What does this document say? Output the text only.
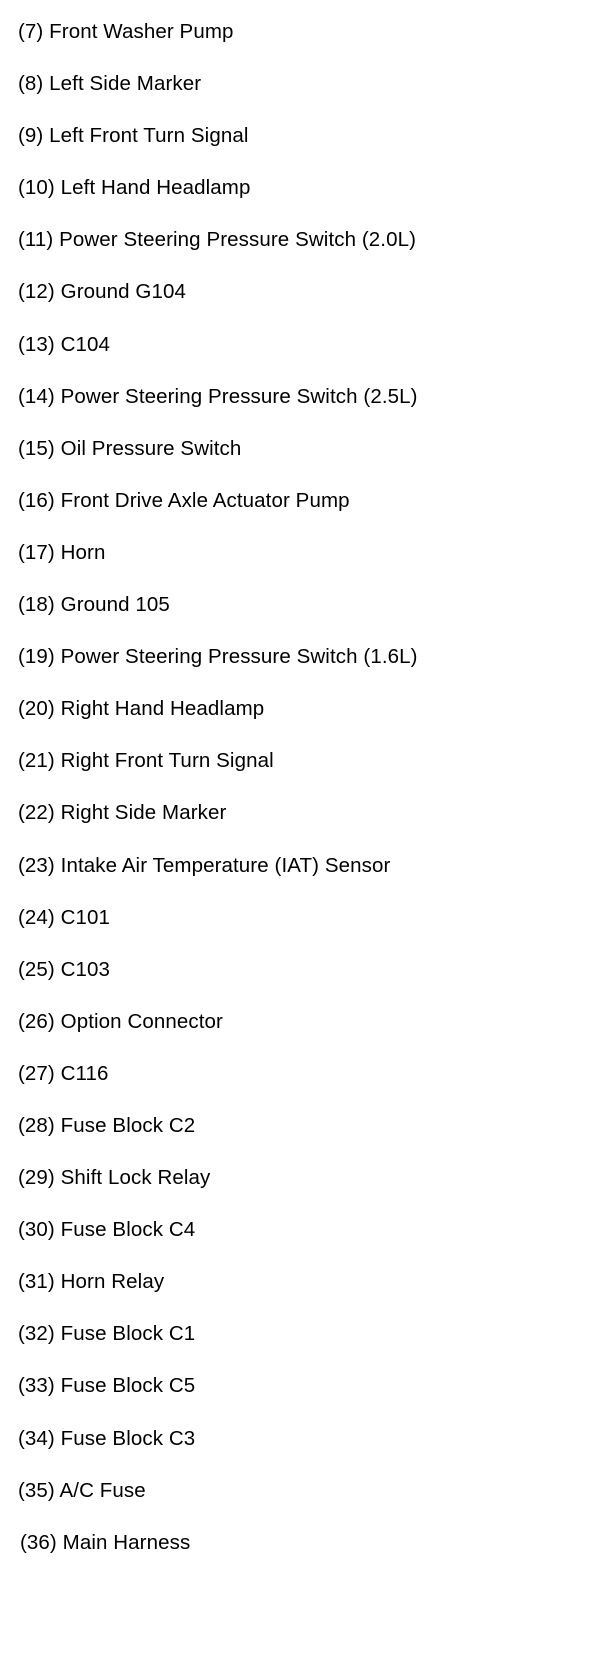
(7) Front Washer Pump
(8) Left Side Marker
(9) Left Front Turn Signal
(10) Left Hand Headlamp
(11) Power Steering Pressure Switch (2.0L)
(12) Ground G104
(13) C104
(14) Power Steering Pressure Switch (2.5L)
(15) Oil Pressure Switch
(16) Front Drive Axle Actuator Pump
(17) Horn
(18) Ground 105
(19) Power Steering Pressure Switch (1.6L)
(20) Right Hand Headlamp
(21) Right Front Turn Signal
(22) Right Side Marker
(23) Intake Air Temperature (IAT) Sensor
(24) C101
(25) C103
(26) Option Connector
(27) C116
(28) Fuse Block C2
(29) Shift Lock Relay
(30) Fuse Block C4
(31) Horn Relay
(32) Fuse Block C1
(33) Fuse Block C5
(34) Fuse Block C3
(35) A/C Fuse
(36) Main Harness
